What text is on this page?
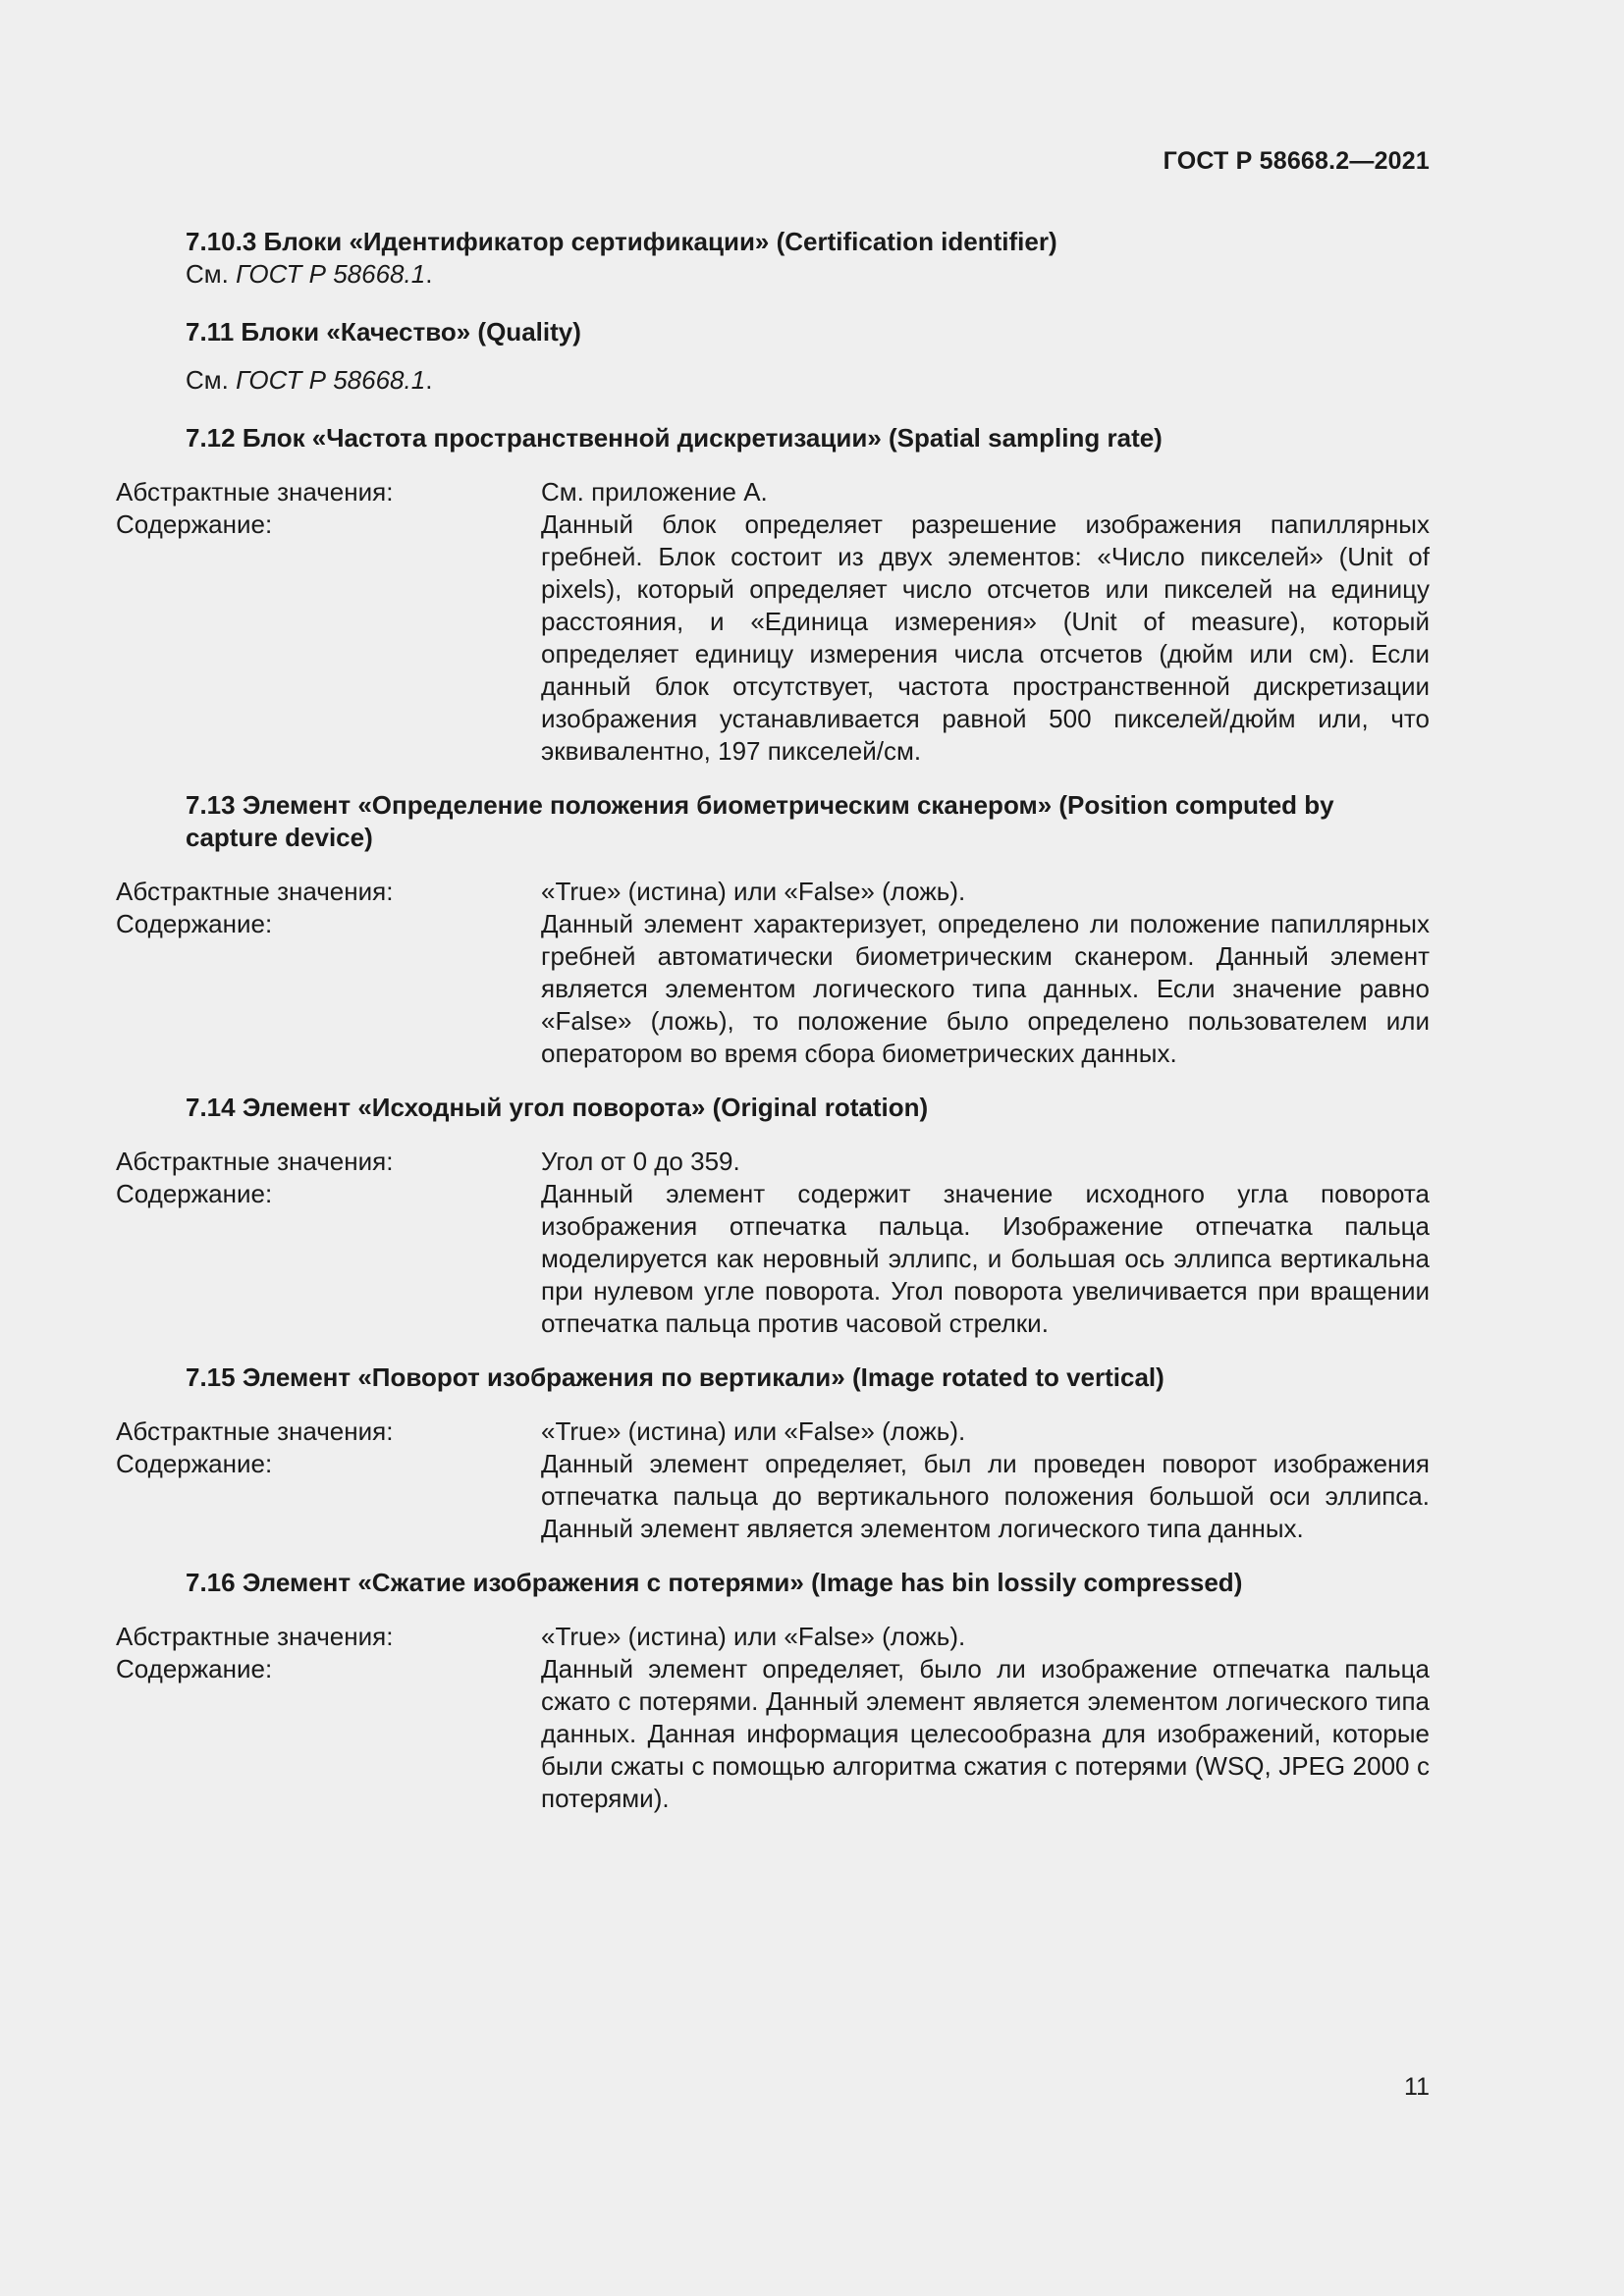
ГОСТ Р 58668.2—2021
7.10.3 Блоки «Идентификатор сертификации» (Certification identifier)
См. ГОСТ Р 58668.1.
7.11 Блоки «Качество» (Quality)
См. ГОСТ Р 58668.1.
7.12 Блок «Частота пространственной дискретизации» (Spatial sampling rate)
Абстрактные значения:	См. приложение А.
Содержание:	Данный блок определяет разрешение изображения папиллярных гребней. Блок состоит из двух элементов: «Число пикселей» (Unit of pixels), который определяет число отсчетов или пикселей на единицу расстояния, и «Единица измерения» (Unit of measure), который определяет единицу измерения числа отсчетов (дюйм или см). Если данный блок отсутствует, частота пространственной дискретизации изображения устанавливается равной 500 пикселей/дюйм или, что эквивалентно, 197 пикселей/см.
7.13 Элемент «Определение положения биометрическим сканером» (Position computed by capture device)
Абстрактные значения:	«True» (истина) или «False» (ложь).
Содержание:	Данный элемент характеризует, определено ли положение папиллярных гребней автоматически биометрическим сканером. Данный элемент является элементом логического типа данных. Если значение равно «False» (ложь), то положение было определено пользователем или оператором во время сбора биометрических данных.
7.14 Элемент «Исходный угол поворота» (Original rotation)
Абстрактные значения:	Угол от 0 до 359.
Содержание:	Данный элемент содержит значение исходного угла поворота изображения отпечатка пальца. Изображение отпечатка пальца моделируется как неровный эллипс, и большая ось эллипса вертикальна при нулевом угле поворота. Угол поворота увеличивается при вращении отпечатка пальца против часовой стрелки.
7.15 Элемент «Поворот изображения по вертикали» (Image rotated to vertical)
Абстрактные значения:	«True» (истина) или «False» (ложь).
Содержание:	Данный элемент определяет, был ли проведен поворот изображения отпечатка пальца до вертикального положения большой оси эллипса. Данный элемент является элементом логического типа данных.
7.16 Элемент «Сжатие изображения с потерями» (Image has bin lossily compressed)
Абстрактные значения:	«True» (истина) или «False» (ложь).
Содержание:	Данный элемент определяет, было ли изображение отпечатка пальца сжато с потерями. Данный элемент является элементом логического типа данных. Данная информация целесообразна для изображений, которые были сжаты с помощью алгоритма сжатия с потерями (WSQ, JPEG 2000 с потерями).
11
